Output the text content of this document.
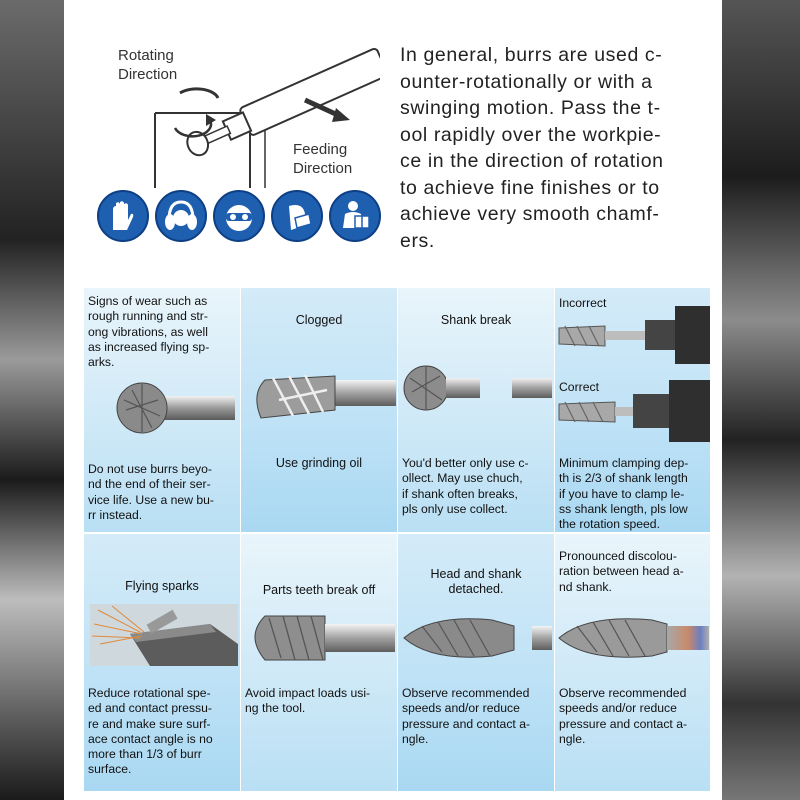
Rotating
Direction
Feeding
Direction
In general, burrs are used c-
ounter-rotationally or with a
swinging motion. Pass the t-
ool rapidly over the workpie-
ce in the direction of rotation
to achieve fine finishes or to
achieve very smooth chamf-
ers.
Signs of wear such as
rough running and str-
ong vibrations, as well
as increased flying sp-
arks.
Do not use burrs beyo-
nd the end of their ser-
vice life. Use a new bu-
rr instead.
Clogged
Use grinding oil
Shank break
You'd better only use c-
ollect. May use chuch,
if shank often breaks,
pls only use collect.
Incorrect
Correct
Minimum clamping dep-
th is 2/3 of shank length
if you have to clamp le-
ss shank length, pls low
the rotation speed.
Flying sparks
Reduce rotational spe-
ed and contact pressu-
re and make sure surf-
ace contact angle is no
more than 1/3 of burr
surface.
Parts teeth break off
Avoid impact loads usi-
ng the tool.
Head and shank
detached.
Observe recommended
speeds and/or reduce
pressure and contact a-
ngle.
Pronounced discolou-
ration between head a-
nd shank.
Observe recommended
speeds and/or reduce
pressure and contact a-
ngle.
